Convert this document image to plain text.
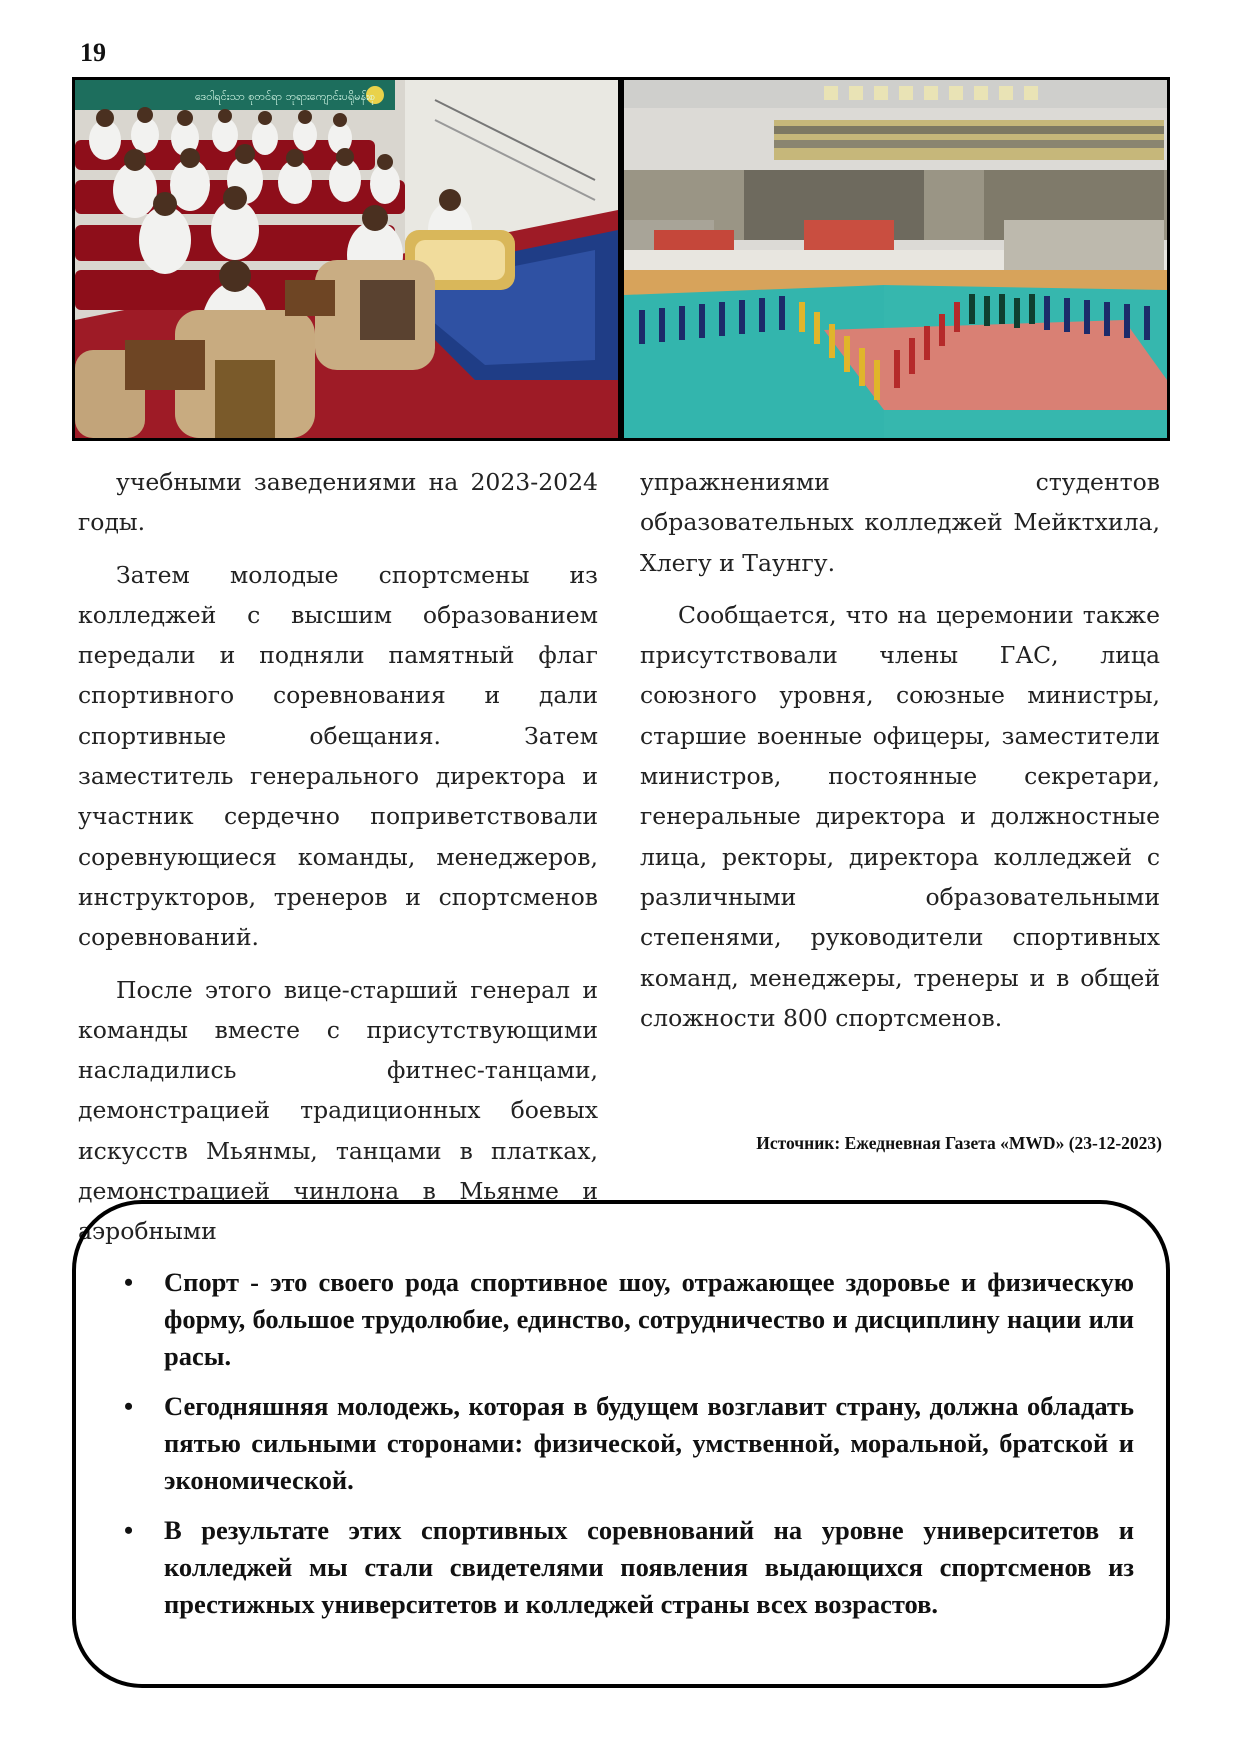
19
ဒေဝါရင်းသာ စုတင်ရာ ဘုရားကျောင်းပရိုမန်းစု

учебными заведениями на 2023-2024 годы.

Затем молодые спортсмены из колледжей с высшим образованием передали и подняли памятный флаг спортивного соревнования и дали спортивные обещания. Затем заместитель генерального директора и участник сердечно поприветствовали соревнующиеся команды, менеджеров, инструкторов, тренеров и спортсменов соревнований.

После этого вице-старший генерал и команды вместе с присутствующими насладились фитнес-танцами, демонстрацией традиционных боевых искусств Мьянмы, танцами в платках, демонстрацией чинлона в Мьянме и аэробными

упражнениями студентов образовательных колледжей Мейктхила, Хлегу и Таунгу.

Сообщается, что на церемонии также присутствовали члены ГАС, лица союзного уровня, союзные министры, старшие военные офицеры, заместители министров, постоянные секретари, генеральные директора и должностные лица, ректоры, директора колледжей с различными образовательными степенями, руководители спортивных команд, менеджеры, тренеры и в общей сложности 800 спортсменов.

Источник: Ежедневная Газета «MWD» (23-12-2023)
• Спорт - это своего рода спортивное шоу, отражающее здоровье и физическую форму, большое трудолюбие, единство, сотрудничество и дисциплину нации или расы.
• Сегодняшняя молодежь, которая в будущем возглавит страну, должна обладать пятью сильными сторонами: физической, умственной, моральной, братской и экономической.
• В результате этих спортивных соревнований на уровне университетов и колледжей мы стали свидетелями появления выдающихся спортсменов из престижных университетов и колледжей страны всех возрастов.
